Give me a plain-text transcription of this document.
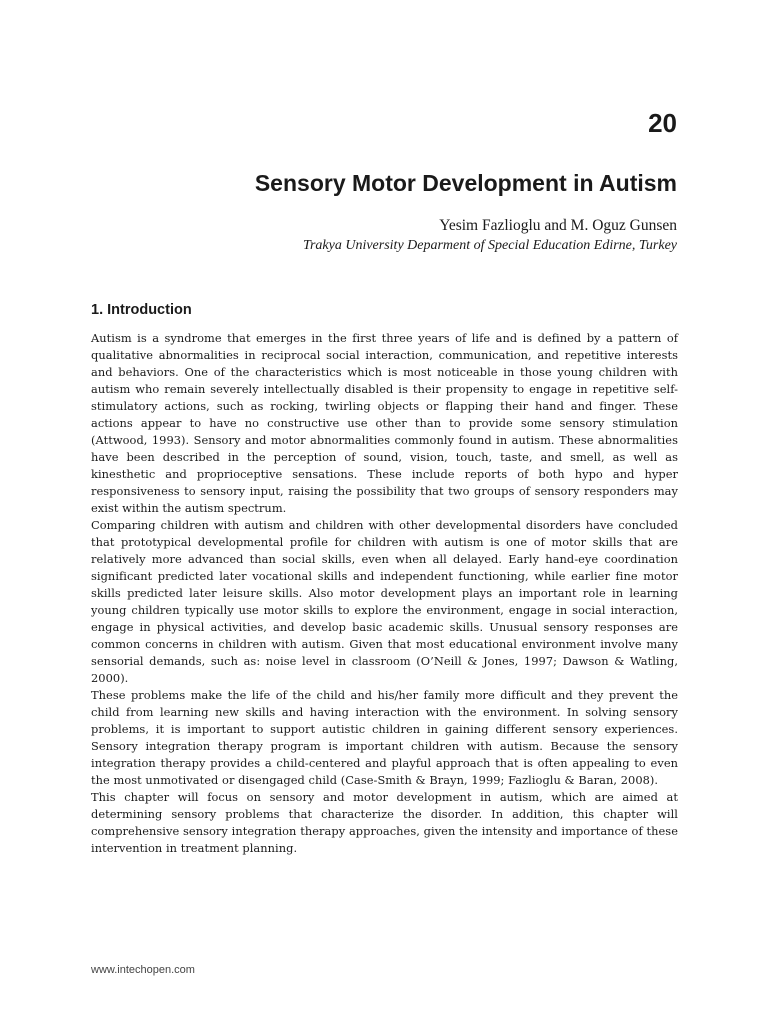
20
Sensory Motor Development in Autism
Yesim Fazlioglu and M. Oguz Gunsen
Trakya University Deparment of Special Education Edirne, Turkey
1. Introduction

Autism is a syndrome that emerges in the first three years of life and is defined by a pattern of qualitative abnormalities in reciprocal social interaction, communication, and repetitive interests and behaviors. One of the characteristics which is most noticeable in those young children with autism who remain severely intellectually disabled is their propensity to engage in repetitive self-stimulatory actions, such as rocking, twirling objects or flapping their hand and finger. These actions appear to have no constructive use other than to provide some sensory stimulation (Attwood, 1993). Sensory and motor abnormalities commonly found in autism. These abnormalities have been described in the perception of sound, vision, touch, taste, and smell, as well as kinesthetic and proprioceptive sensations. These include reports of both hypo and hyper responsiveness to sensory input, raising the possibility that two groups of sensory responders may exist within the autism spectrum.

Comparing children with autism and children with other developmental disorders have concluded that prototypical developmental profile for children with autism is one of motor skills that are relatively more advanced than social skills, even when all delayed. Early hand-eye coordination significant predicted later vocational skills and independent functioning, while earlier fine motor skills predicted later leisure skills. Also motor development plays an important role in learning young children typically use motor skills to explore the environment, engage in social interaction, engage in physical activities, and develop basic academic skills. Unusual sensory responses are common concerns in children with autism. Given that most educational environment involve many sensorial demands, such as: noise level in classroom (O’Neill & Jones, 1997; Dawson & Watling, 2000).

These problems make the life of the child and his/her family more difficult and they prevent the child from learning new skills and having interaction with the environment. In solving sensory problems, it is important to support autistic children in gaining different sensory experiences. Sensory integration therapy program is important children with autism. Because the sensory integration therapy provides a child-centered and playful approach that is often appealing to even the most unmotivated or disengaged child (Case-Smith & Brayn, 1999; Fazlioglu & Baran, 2008).

This chapter will focus on sensory and motor development in autism, which are aimed at determining sensory problems that characterize the disorder. In addition, this chapter will comprehensive sensory integration therapy approaches, given the intensity and importance of these intervention in treatment planning.

www.intechopen.com
